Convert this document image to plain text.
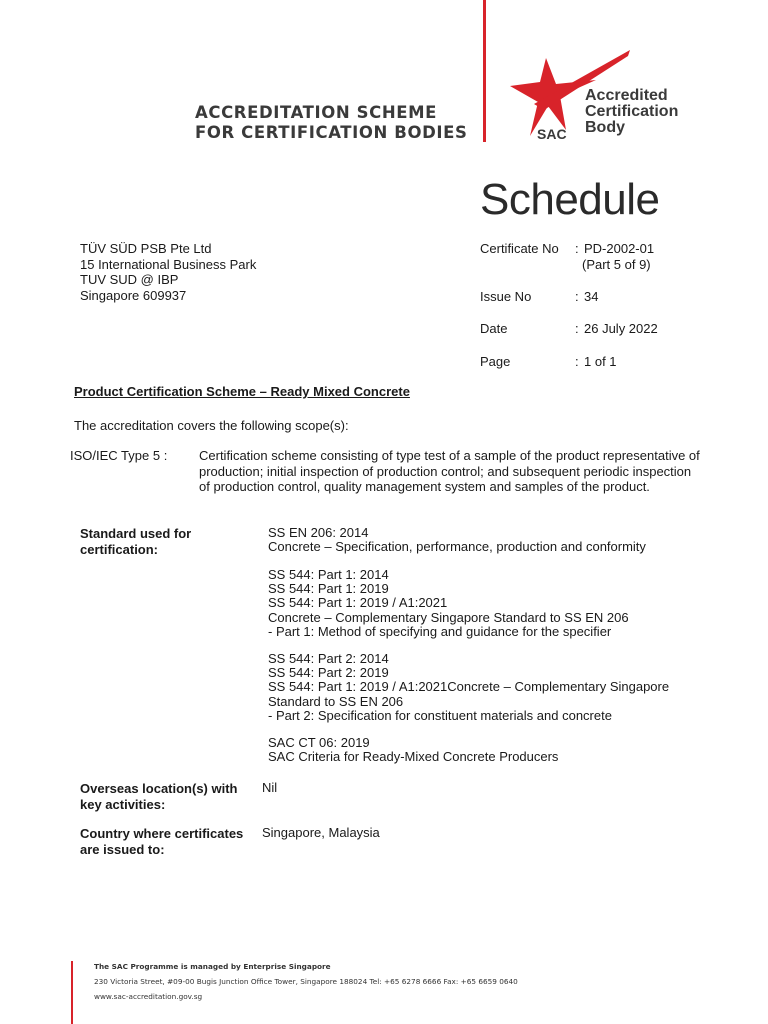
ACCREDITATION SCHEME
FOR CERTIFICATION BODIES
Accredited
Certification
Body
SAC
Schedule
TÜV SÜD PSB Pte Ltd
15 International Business Park
TUV SUD @ IBP
Singapore 609937
Certificate No : PD-2002-01
(Part 5 of 9)
Issue No	: 34
Date	: 26 July 2022
Page	: 1 of 1
Product Certification Scheme – Ready Mixed Concrete
The accreditation covers the following scope(s):
ISO/IEC Type 5 : Certification scheme consisting of type test of a sample of the product representative of
production; initial inspection of production control; and subsequent periodic inspection
of production control, quality management system and samples of the product.
Standard used for
certification:
SS EN 206: 2014
Concrete – Specification, performance, production and conformity
SS 544: Part 1: 2014
SS 544: Part 1: 2019
SS 544: Part 1: 2019 / A1:2021
Concrete – Complementary Singapore Standard to SS EN 206
- Part 1: Method of specifying and guidance for the specifier
SS 544: Part 2: 2014
SS 544: Part 2: 2019
SS 544: Part 1: 2019 / A1:2021Concrete – Complementary Singapore
Standard to SS EN 206
- Part 2: Specification for constituent materials and concrete
SAC CT 06: 2019
SAC Criteria for Ready-Mixed Concrete Producers
Overseas location(s) with
key activities:
Nil
Country where certificates
are issued to:
Singapore, Malaysia
The SAC Programme is managed by Enterprise Singapore
230 Victoria Street, #09-00 Bugis Junction Office Tower, Singapore 188024 Tel: +65 6278 6666 Fax: +65 6659 0640
www.sac-accreditation.gov.sg
